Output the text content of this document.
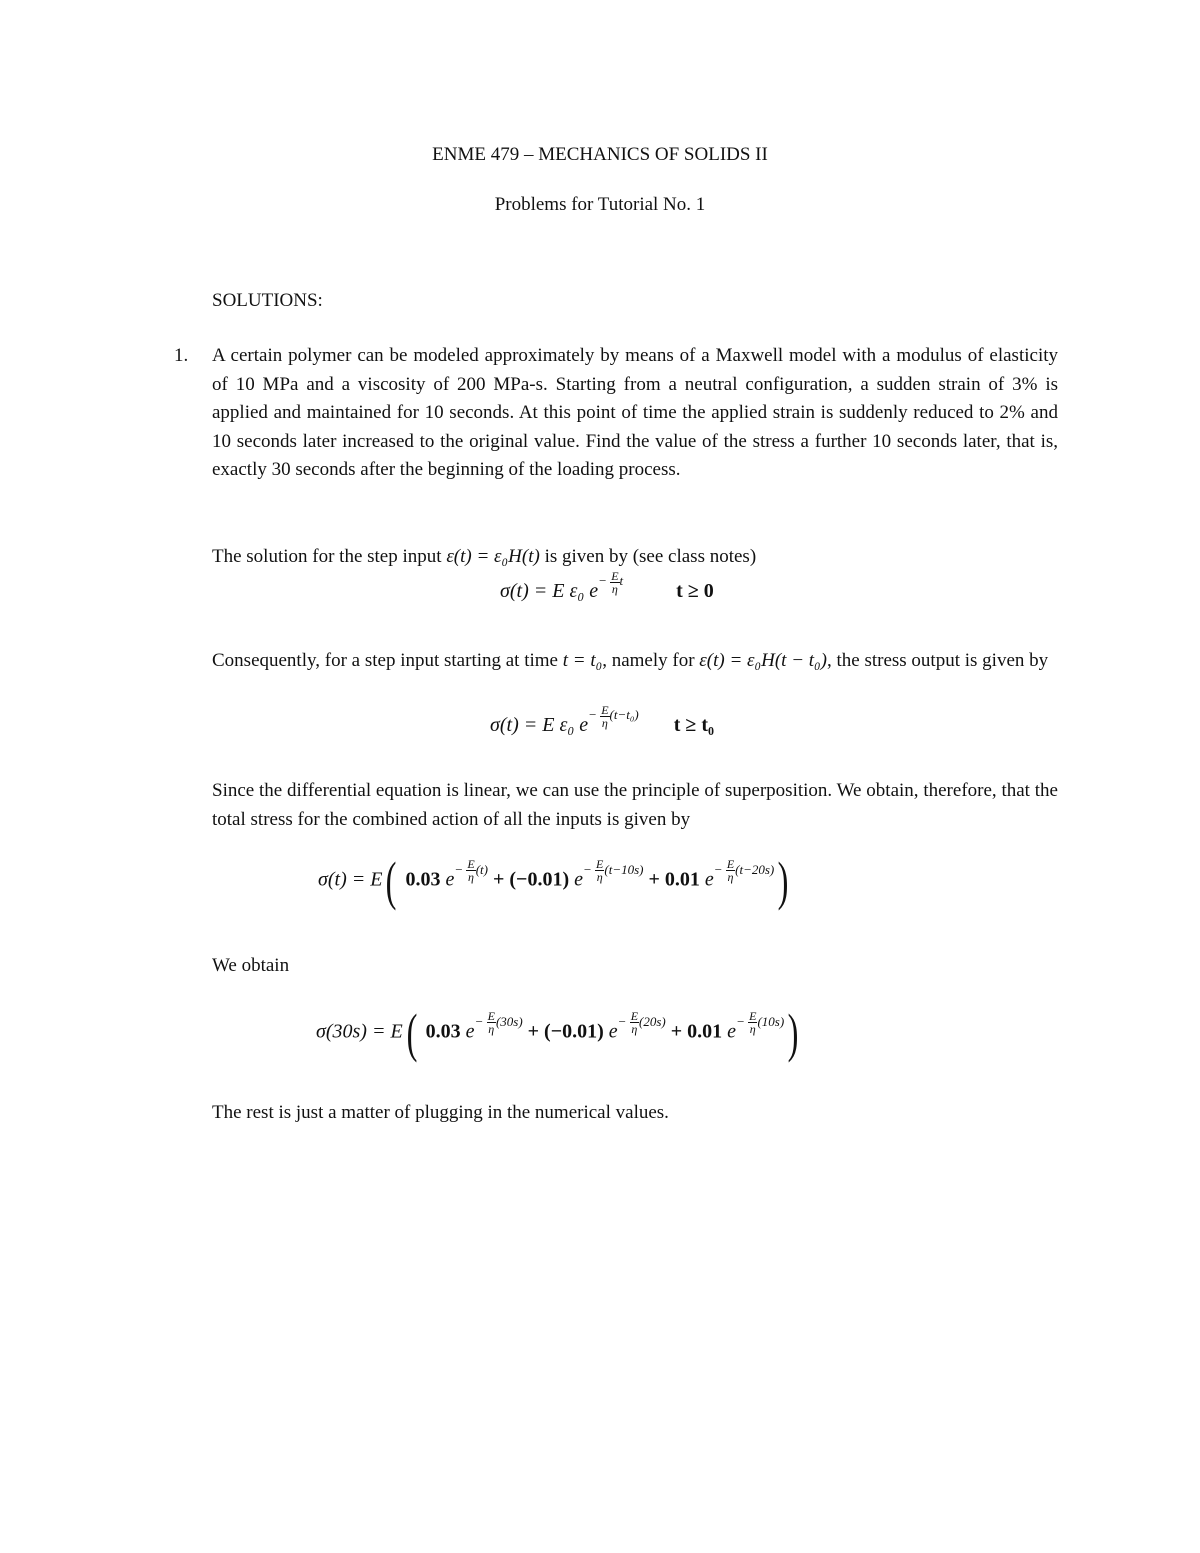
ENME 479 – MECHANICS OF SOLIDS II
Problems for Tutorial No. 1
SOLUTIONS:
1. A certain polymer can be modeled approximately by means of a Maxwell model with a modulus of elasticity of 10 MPa and a viscosity of 200 MPa-s. Starting from a neutral configuration, a sudden strain of 3% is applied and maintained for 10 seconds. At this point of time the applied strain is suddenly reduced to 2% and 10 seconds later increased to the original value. Find the value of the stress a further 10 seconds later, that is, exactly 30 seconds after the beginning of the loading process.
The solution for the step input ε(t) = ε₀H(t) is given by (see class notes)
σ(t) = E ε₀ $e^{- \frac{E}{\eta} t}$	t ≥ 0
Consequently, for a step input starting at time t = t₀, namely for ε(t) = ε₀H(t − t₀), the stress output is given by
σ(t) = E ε₀ $e^{- \frac{E}{\eta} (t-t_0)}$ t ≥ t₀
Since the differential equation is linear, we can use the principle of superposition. We obtain, therefore, that the total stress for the combined action of all the inputs is given by
σ(t) = E( 0.03 $e^{- \frac{E}{\eta} (t)} + (-0.01) e^{- \frac{E}{\eta} (t-10s)} + 0.01$ $e^{- \frac{E}{\eta} (t-20s)}$)
We obtain
σ(30s) = E( 0.03 $e^{- \frac{E}{\eta} (30s)} + (-0.01) e^{- \frac{E}{\eta} (20s)} + 0.01$ $e^{- \frac{E}{\eta} (10s)}$)
The rest is just a matter of plugging in the numerical values.
